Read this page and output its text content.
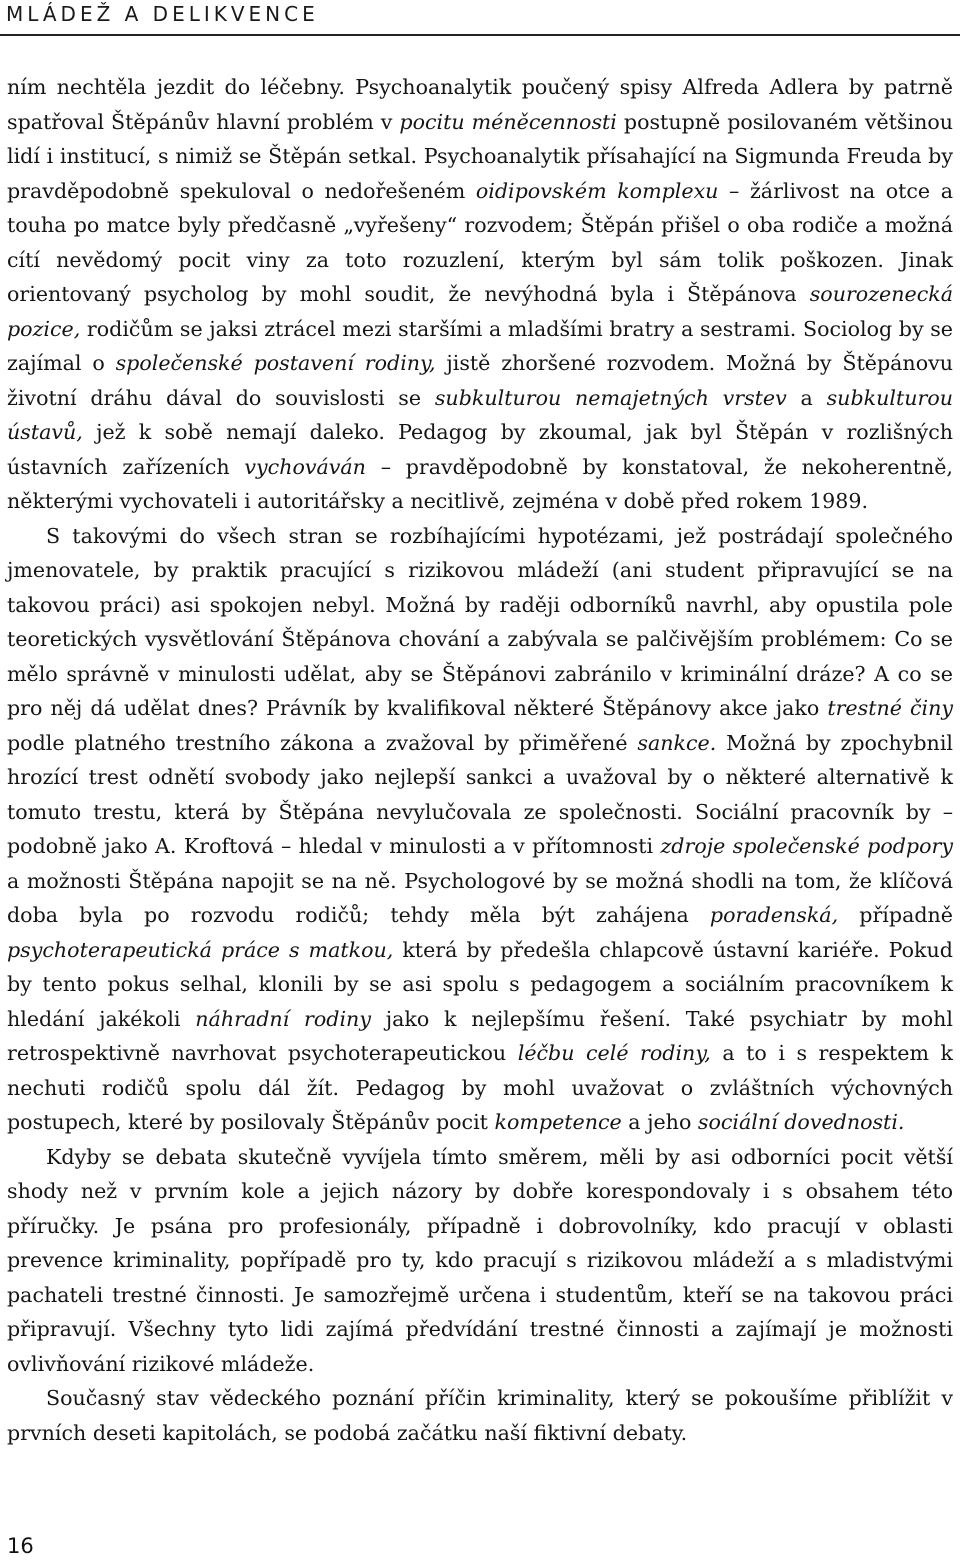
MLÁDEŽ A DELIKVENCE

ním nechtěla jezdit do léčebny. Psychoanalytik poučený spisy Alfreda Adlera by patrně spatřoval Štěpánův hlavní problém v pocitu méněcennosti postupně posilovaném většinou lidí i institucí, s nimiž se Štěpán setkal. Psychoanalytik přísahající na Sigmunda Freuda by pravděpodobně spekuloval o nedořešeném oidipovském komplexu – žárlivost na otce a touha po matce byly předčasně „vyřešeny“ rozvodem; Štěpán přišel o oba rodiče a možná cítí nevědomý pocit viny za toto rozuzlení, kterým byl sám tolik poškozen. Jinak orientovaný psycholog by mohl soudit, že nevýhodná byla i Štěpánova sourozenecká pozice, rodičům se jaksi ztrácel mezi staršími a mladšími bratry a sestrami. Sociolog by se zajímal o společenské postavení rodiny, jistě zhoršené rozvodem. Možná by Štěpánovu životní dráhu dával do souvislosti se subkulturou nemajetných vrstev a subkulturou ústavů, jež k sobě nemají daleko. Pedagog by zkoumal, jak byl Štěpán v rozlišných ústavních zařízeních vychováván – pravděpodobně by konstatoval, že nekoherentně, některými vychovateli i autoritářsky a necitlivě, zejména v době před rokem 1989.

S takovými do všech stran se rozbíhajícími hypotézami, jež postrádají společného jmenovatele, by praktik pracující s rizikovou mládeží (ani student připravující se na takovou práci) asi spokojen nebyl. Možná by raději odborníků navrhl, aby opustila pole teoretických vysvětlování Štěpánova chování a zabývala se palčivějším problémem: Co se mělo správně v minulosti udělat, aby se Štěpánovi zabránilo v kriminální dráze? A co se pro něj dá udělat dnes? Právník by kvalifikoval některé Štěpánovy akce jako trestné činy podle platného trestního zákona a zvažoval by přiměřené sankce. Možná by zpochybnil hrozící trest odnětí svobody jako nejlepší sankci a uvažoval by o některé alternativě k tomuto trestu, která by Štěpána nevylučovala ze společnosti. Sociální pracovník by – podobně jako A. Kroftová – hledal v minulosti a v přítomnosti zdroje společenské podpory a možnosti Štěpána napojit se na ně. Psychologové by se možná shodli na tom, že klíčová doba byla po rozvodu rodičů; tehdy měla být zahájena poradenská, případně psychoterapeutická práce s matkou, která by předešla chlapcově ústavní kariéře. Pokud by tento pokus selhal, klonili by se asi spolu s pedagogem a sociálním pracovníkem k hledání jakékoli náhradní rodiny jako k nejlepšímu řešení. Také psychiatr by mohl retrospektivně navrhovat psychoterapeutickou léčbu celé rodiny, a to i s respektem k nechuti rodičů spolu dál žít. Pedagog by mohl uvažovat o zvláštních výchovných postupech, které by posilovaly Štěpánův pocit kompetence a jeho sociální dovednosti.

Kdyby se debata skutečně vyvíjela tímto směrem, měli by asi odborníci pocit větší shody než v prvním kole a jejich názory by dobře korespondovaly i s obsahem této příručky. Je psána pro profesionály, případně i dobrovolníky, kdo pracují v oblasti prevence kriminality, popřípadě pro ty, kdo pracují s rizikovou mládeží a s mladistvými pachateli trestné činnosti. Je samozřejmě určena i studentům, kteří se na takovou práci připravují. Všechny tyto lidi zajímá předvídání trestné činnosti a zajímají je možnosti ovlivňování rizikové mládeže.

Současný stav vědeckého poznání příčin kriminality, který se pokoušíme přiblížit v prvních deseti kapitolách, se podobá začátku naší fiktivní debaty.

16
